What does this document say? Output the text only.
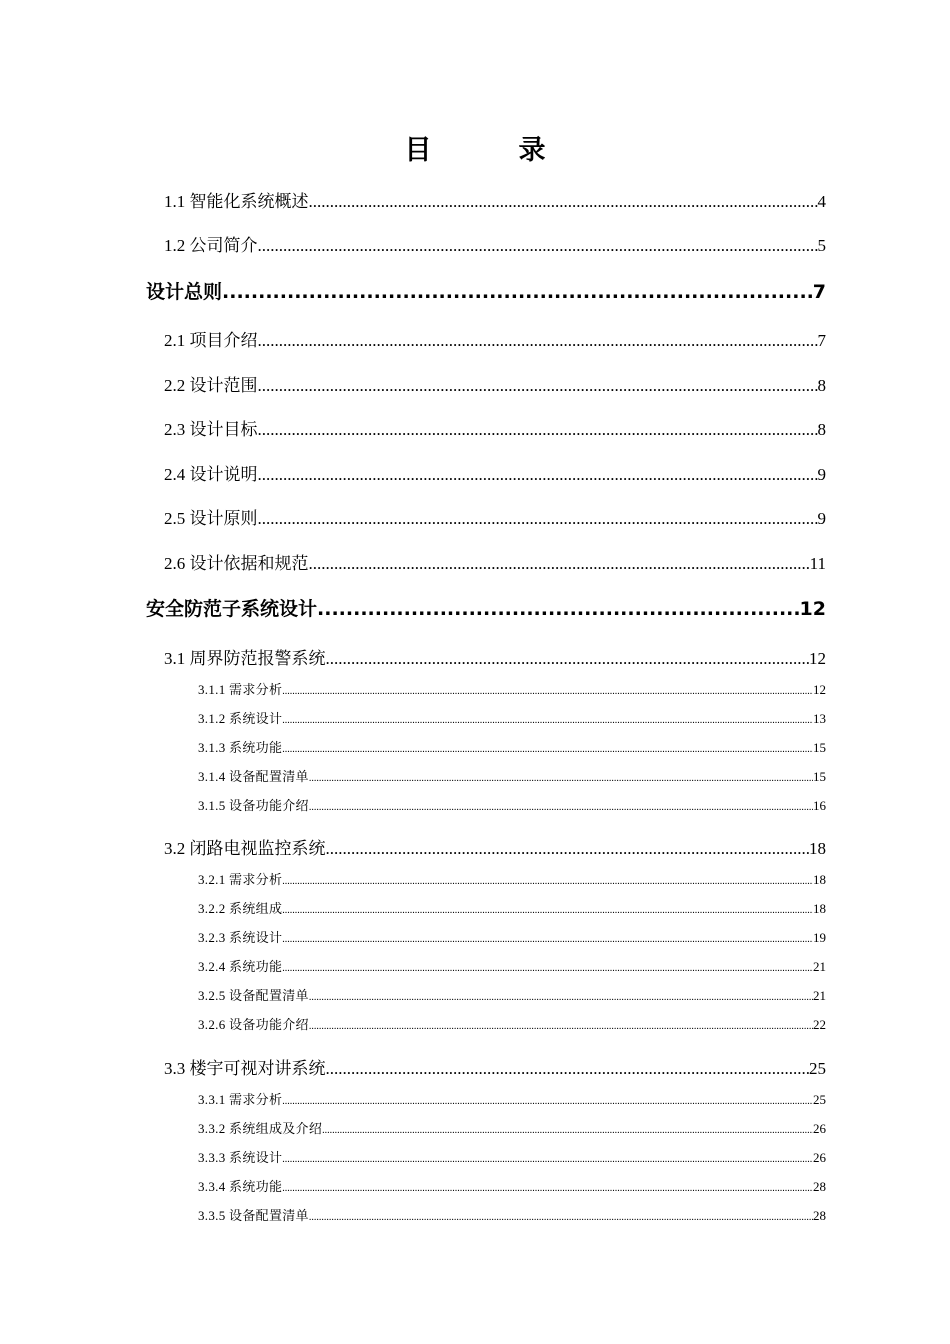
目　录
1.1 智能化系统概述 .....	4
1.2 公司简介 .....	5
设计总则 .....	7
2.1 项目介绍 .....	7
2.2 设计范围 .....	8
2.3 设计目标 .....	8
2.4 设计说明 .....	9
2.5 设计原则 .....	9
2.6 设计依据和规范 .....	11
安全防范子系统设计 .....	12
3.1 周界防范报警系统 .....	12
3.1.1 需求分析 .....	12
3.1.2 系统设计 .....	13
3.1.3 系统功能 .....	15
3.1.4 设备配置清单 .....	15
3.1.5 设备功能介绍 .....	16
3.2 闭路电视监控系统 .....	18
3.2.1 需求分析 .....	18
3.2.2 系统组成 .....	18
3.2.3 系统设计 .....	19
3.2.4 系统功能 .....	21
3.2.5 设备配置清单 .....	21
3.2.6 设备功能介绍 .....	22
3.3 楼宇可视对讲系统 .....	25
3.3.1 需求分析 .....	25
3.3.2 系统组成及介绍 .....	26
3.3.3 系统设计 .....	26
3.3.4 系统功能 .....	28
3.3.5 设备配置清单 .....	28
